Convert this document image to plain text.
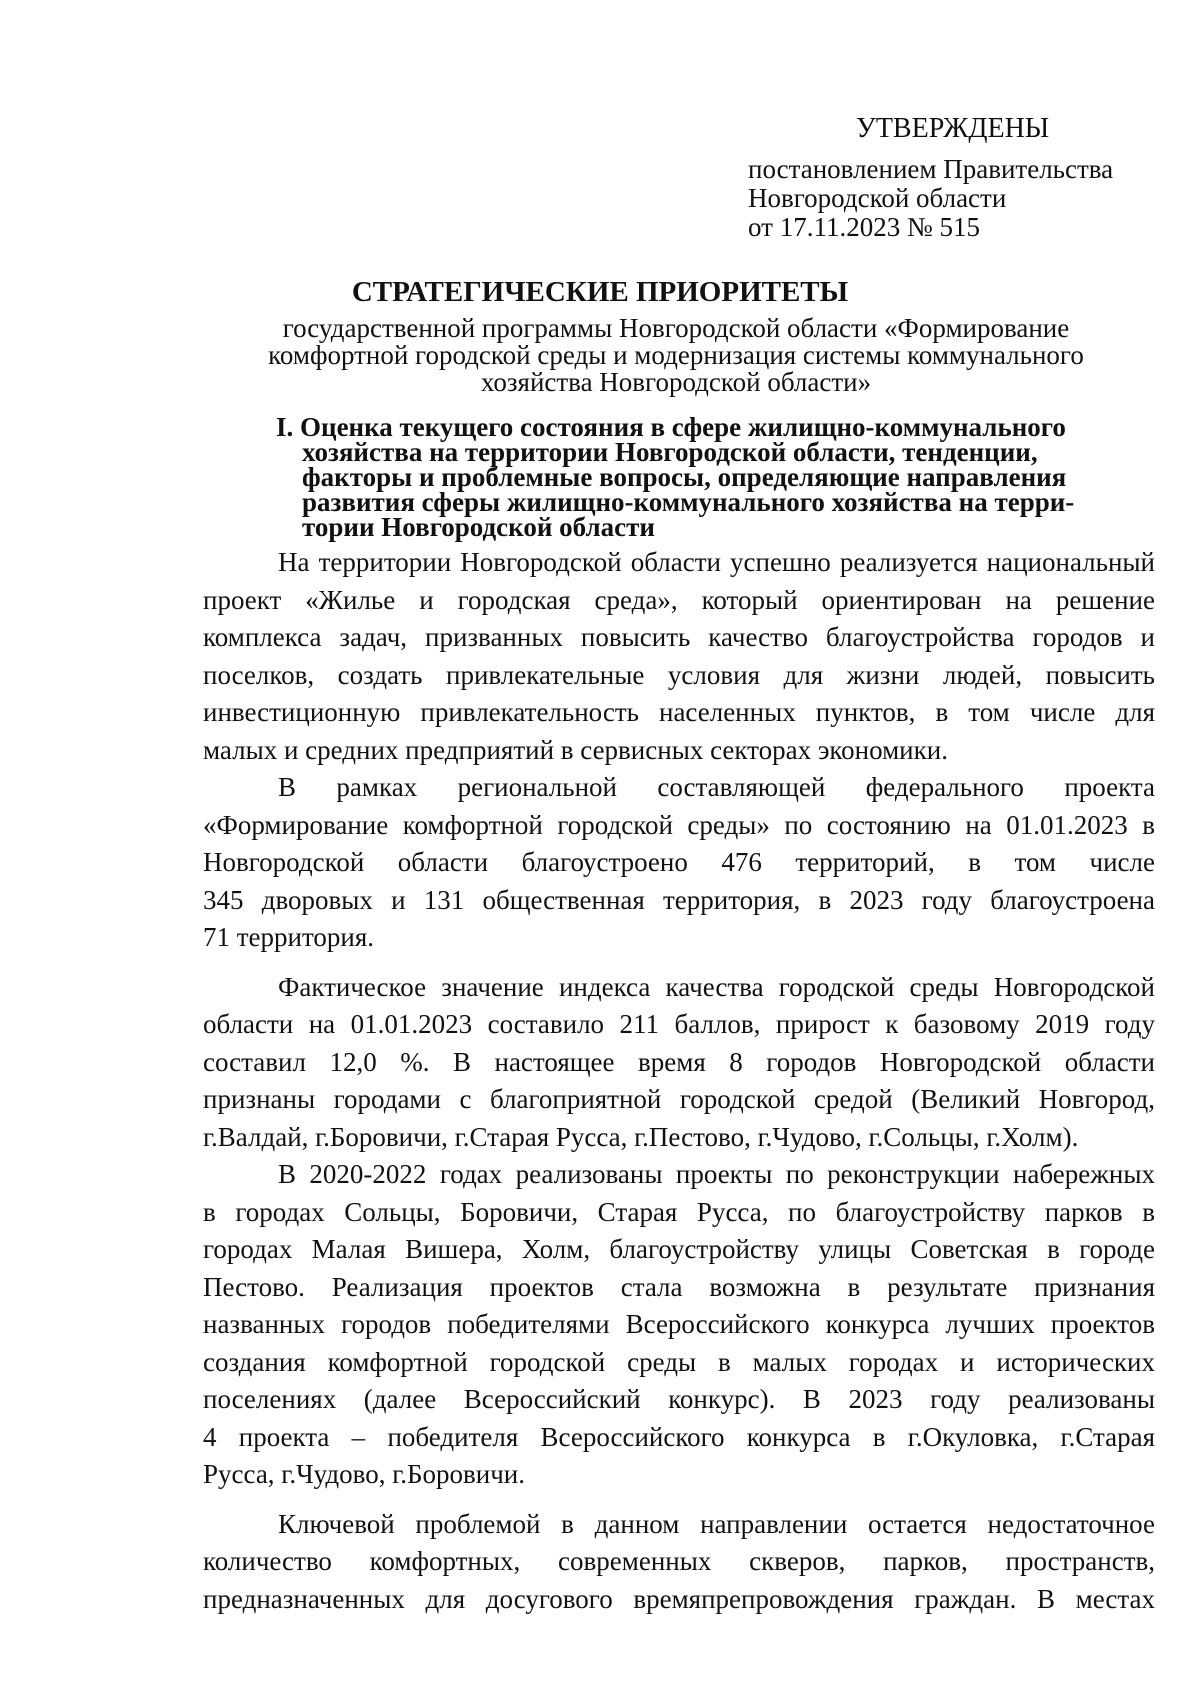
УТВЕРЖДЕНЫ
постановлением Правительства
Новгородской области
от 17.11.2023 № 515
СТРАТЕГИЧЕСКИЕ ПРИОРИТЕТЫ
государственной программы Новгородской области «Формирование
комфортной городской среды и модернизация системы коммунального
хозяйства Новгородской области»
I. Оценка текущего состояния в сфере жилищно-коммунального
хозяйства на территории Новгородской области, тенденции,
факторы и проблемные вопросы, определяющие направления
развития сферы жилищно-коммунального хозяйства на терри-
тории Новгородской области
На территории Новгородской области успешно реализуется национальный
проект «Жилье и городская среда», который ориентирован на решение
комплекса задач, призванных повысить качество благоустройства городов и
поселков, создать привлекательные условия для жизни людей, повысить
инвестиционную привлекательность населенных пунктов, в том числе для
малых и средних предприятий в сервисных секторах экономики.
В рамках региональной составляющей федерального проекта
«Формирование комфортной городской среды» по состоянию на 01.01.2023 в
Новгородской области благоустроено 476 территорий, в том числе
345 дворовых и 131 общественная территория, в 2023 году благоустроена
71 территория.
Фактическое значение индекса качества городской среды Новгородской
области на 01.01.2023 составило 211 баллов, прирост к базовому 2019 году
составил 12,0 %. В настоящее время 8 городов Новгородской области
признаны городами с благоприятной городской средой (Великий Новгород,
г.Валдай, г.Боровичи, г.Старая Русса, г.Пестово, г.Чудово, г.Сольцы, г.Холм).
В 2020-2022 годах реализованы проекты по реконструкции набережных
в городах Сольцы, Боровичи, Старая Русса, по благоустройству парков в
городах Малая Вишера, Холм, благоустройству улицы Советская в городе
Пестово. Реализация проектов стала возможна в результате признания
названных городов победителями Всероссийского конкурса лучших проектов
создания комфортной городской среды в малых городах и исторических
поселениях (далее Всероссийский конкурс). В 2023 году реализованы
4 проекта – победителя Всероссийского конкурса в г.Окуловка, г.Старая
Русса, г.Чудово, г.Боровичи.
Ключевой проблемой в данном направлении остается недостаточное
количество комфортных, современных скверов, парков, пространств,
предназначенных для досугового времяпрепровождения граждан. В местах
